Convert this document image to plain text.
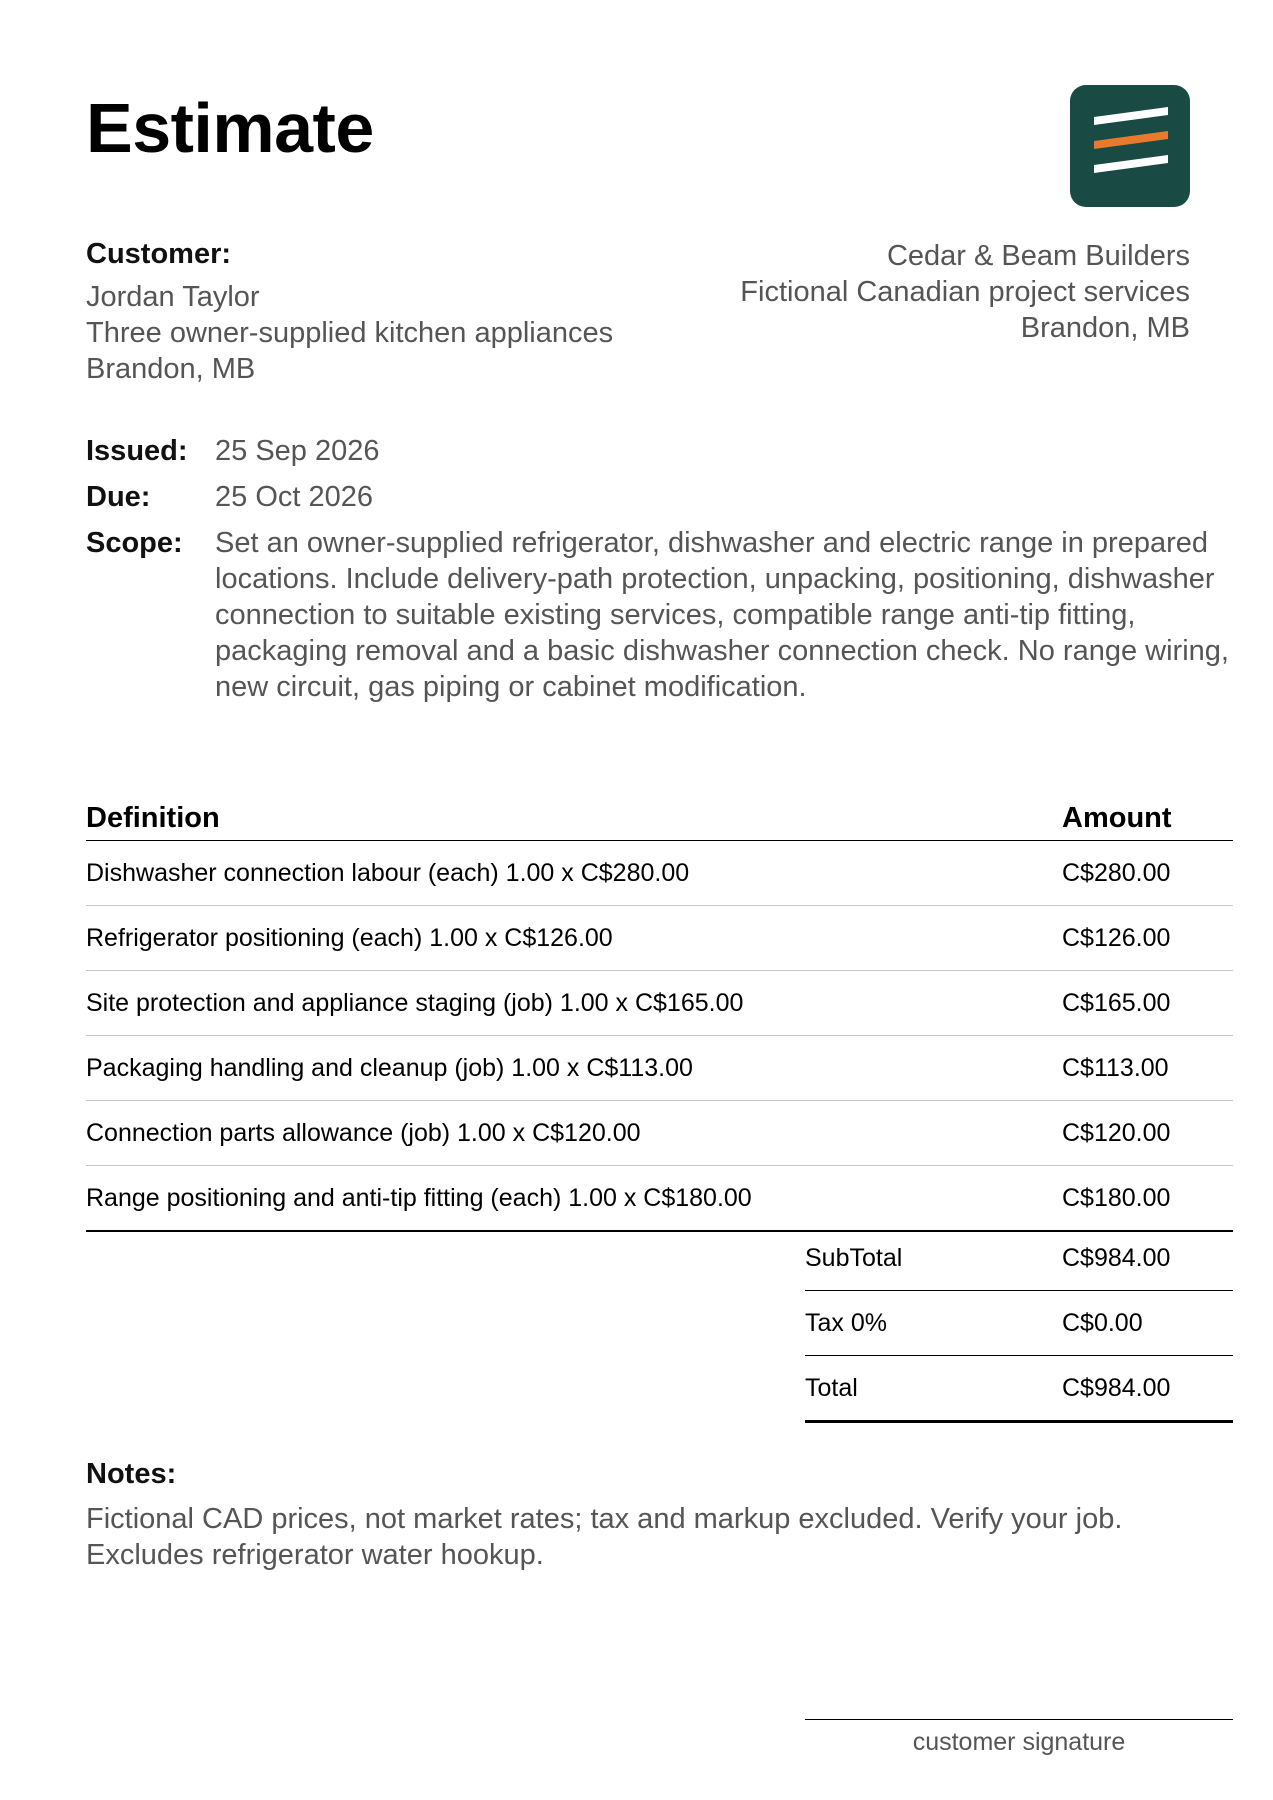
Estimate
Customer:
Jordan Taylor
Three owner-supplied kitchen appliances
Brandon, MB
Cedar & Beam Builders
Fictional Canadian project services
Brandon, MB
Issued: 25 Sep 2026
Due:	25 Oct 2026
Scope:	Set an owner-supplied refrigerator, dishwasher and electric range in prepared locations. Include delivery-path protection, unpacking, positioning, dishwasher connection to suitable existing services, compatible range anti-tip fitting, packaging removal and a basic dishwasher connection check. No range wiring, new circuit, gas piping or cabinet modification.
Definition	Amount
Dishwasher connection labour (each) 1.00 x C$280.00	C$280.00
Refrigerator positioning (each) 1.00 x C$126.00	C$126.00
Site protection and appliance staging (job) 1.00 x C$165.00	C$165.00
Packaging handling and cleanup (job) 1.00 x C$113.00	C$113.00
Connection parts allowance (job) 1.00 x C$120.00	C$120.00
Range positioning and anti-tip fitting (each) 1.00 x C$180.00	C$180.00
SubTotal	C$984.00
Tax 0%	C$0.00
Total	C$984.00
Notes:
Fictional CAD prices, not market rates; tax and markup excluded. Verify your job. Excludes refrigerator water hookup.
customer signature
